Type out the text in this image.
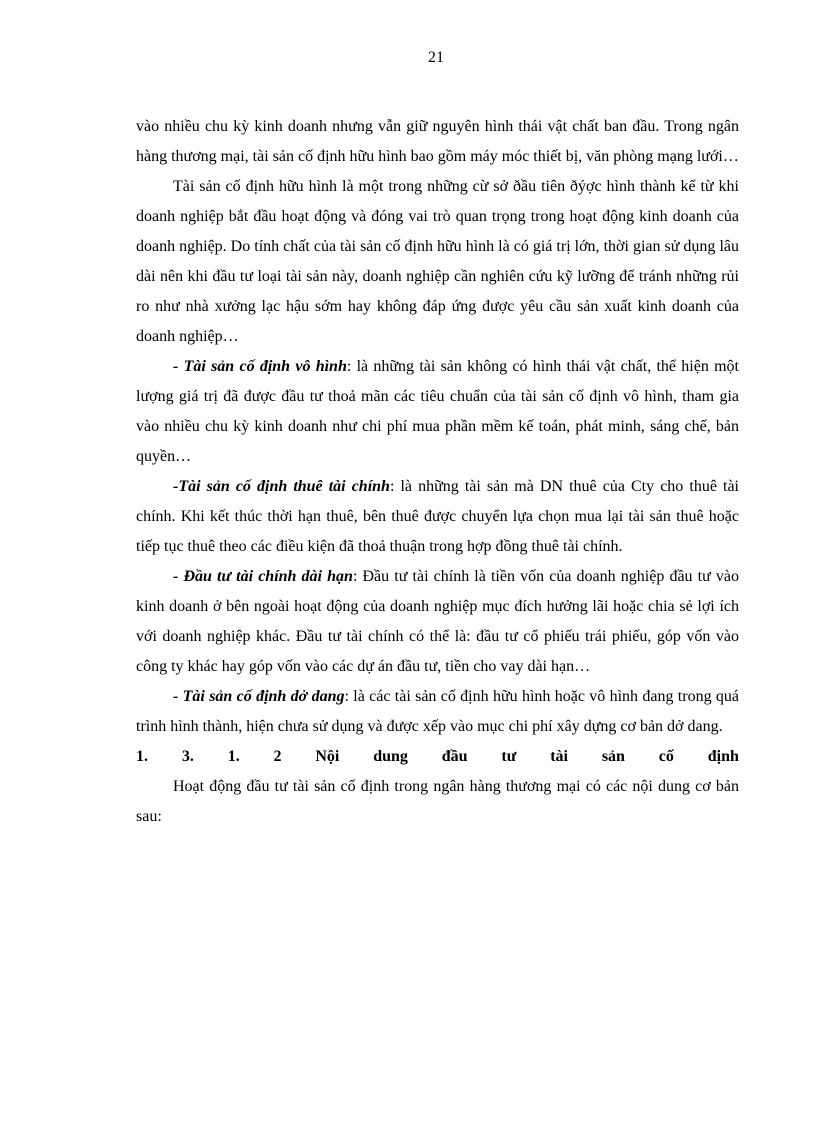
21

vào nhiều chu kỳ kinh doanh nhưng vẫn giữ nguyên hình thái vật chất ban đầu. Trong ngân hàng thương mại, tài sản cố định hữu hình bao gồm máy móc thiết bị, văn phòng mạng lưới…

Tài sản cố định hữu hình là một trong những cừ sở ðầu tiên ðýợc hình thành kể từ khi doanh nghiệp bắt đầu hoạt động và đóng vai trò quan trọng trong hoạt động kinh doanh của doanh nghiệp. Do tính chất của tài sản cố định hữu hình là có giá trị lớn, thời gian sử dụng lâu dài nên khi đầu tư loại tài sản này, doanh nghiệp cần nghiên cứu kỹ lưỡng để tránh những rủi ro như nhà xưởng lạc hậu sớm hay không đáp ứng được yêu cầu sản xuất kinh doanh của doanh nghiệp…

- Tài sản cố định vô hình: là những tài sản không có hình thái vật chất, thể hiện một lượng giá trị đã được đầu tư thoả mãn các tiêu chuẩn của tài sản cố định vô hình, tham gia vào nhiều chu kỳ kinh doanh như chi phí mua phần mềm kế toán, phát minh, sáng chế, bản quyền…

-Tài sản cố định thuê tài chính: là những tài sản mà DN thuê của Cty cho thuê tài chính. Khi kết thúc thời hạn thuê, bên thuê được chuyển lựa chọn mua lại tài sản thuê hoặc tiếp tục thuê theo các điều kiện đã thoả thuận trong hợp đồng thuê tài chính.

- Đầu tư tài chính dài hạn: Đầu tư tài chính là tiền vốn của doanh nghiệp đầu tư vào kinh doanh ở bên ngoài hoạt động của doanh nghiệp mục đích hưởng lãi hoặc chia sẻ lợi ích với doanh nghiệp khác. Đầu tư tài chính có thể là: đầu tư cổ phiếu trái phiếu, góp vốn vào công ty khác hay góp vốn vào các dự án đầu tư, tiền cho vay dài hạn…

- Tài sản cố định dở dang: là các tài sản cố định hữu hình hoặc vô hình đang trong quá trình hình thành, hiện chưa sử dụng và được xếp vào mục chi phí xây dựng cơ bản dở dang.

1. 3. 1. 2 Nội dung đầu tư tài sản cố định

Hoạt động đầu tư tài sản cố định trong ngân hàng thương mại có các nội dung cơ bản sau:
